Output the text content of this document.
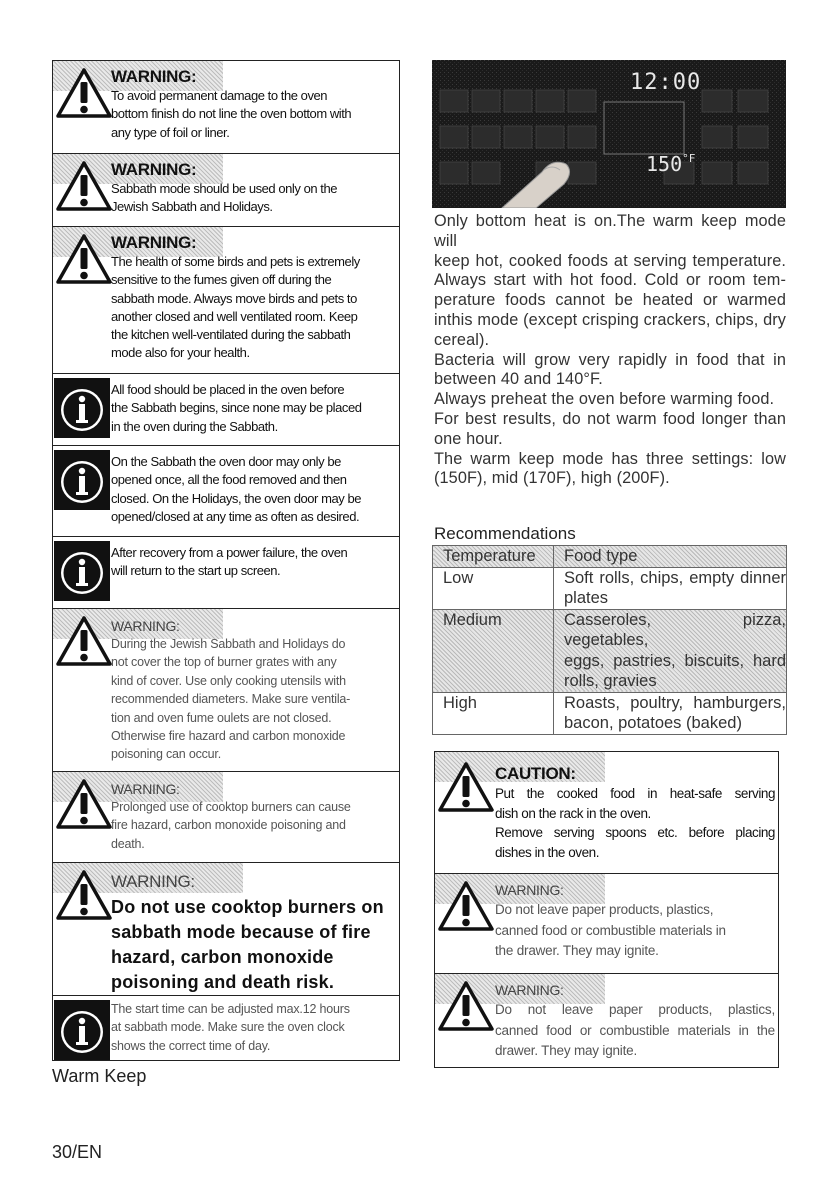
WARNING:
To avoid permanent damage to the oven
bottom finish do not line the oven bottom with
any type of foil or liner.
WARNING:
Sabbath mode should be used only on the
Jewish Sabbath and Holidays.
WARNING:
The health of some birds and pets is extremely
sensitive to the fumes given off during the
sabbath mode. Always move birds and pets to
another closed and well ventilated room. Keep
the kitchen well-ventilated during the sabbath
mode also for your health.
All food should be placed in the oven before
the Sabbath begins, since none may be placed
in the oven during the Sabbath.
On the Sabbath the oven door may only be
opened once, all the food removed and then
closed. On the Holidays, the oven door may be
opened/closed at any time as often as desired.
After recovery from a power failure, the oven
will return to the start up screen.
WARNING:
During the Jewish Sabbath and Holidays do
not cover the top of burner grates with any
kind of cover. Use only cooking utensils with
recommended diameters. Make sure ventila-
tion and oven fume oulets are not closed.
Otherwise fire hazard and carbon monoxide
poisoning can occur.
WARNING:
Prolonged use of cooktop burners can cause
fire hazard, carbon monoxide poisoning and
death.
WARNING:
Do not use cooktop burners on
sabbath mode because of fire
hazard, carbon monoxide
poisoning and death risk.
The start time can be adjusted max.12 hours
at sabbath mode. Make sure the oven clock
shows the correct time of day.
Warm Keep
30/EN
12:00
$150^{^\circ F}$
Only bottom heat is on.The warm keep mode will
keep hot, cooked foods at serving temperature.
Always start with hot food. Cold or room tem-
perature foods cannot be heated or warmed
inthis mode (except crisping crackers, chips, dry
cereal).
Bacteria will grow very rapidly in food that in
between 40 and 140°F.
Always preheat the oven before warming food.
For best results, do not warm food longer than
one hour.
The warm keep mode has three settings: low
(150F), mid (170F), high (200F).
Recommendations
Temperature	Food type
Low	Soft rolls, chips, empty dinner
plates

Medium	Casseroles, pizza, vegetables,
eggs, pastries, biscuits, hard
rolls, gravies

High	Roasts, poultry, hamburgers,
bacon, potatoes (baked)
CAUTION:
Put the cooked food in heat-safe serving
dish on the rack in the oven.
Remove serving spoons etc. before placing
dishes in the oven.
WARNING:
Do not leave paper products, plastics,
canned food or combustible materials in
the drawer. They may ignite.
WARNING:
Do not leave paper products, plastics,
canned food or combustible materials in the
drawer. They may ignite.
